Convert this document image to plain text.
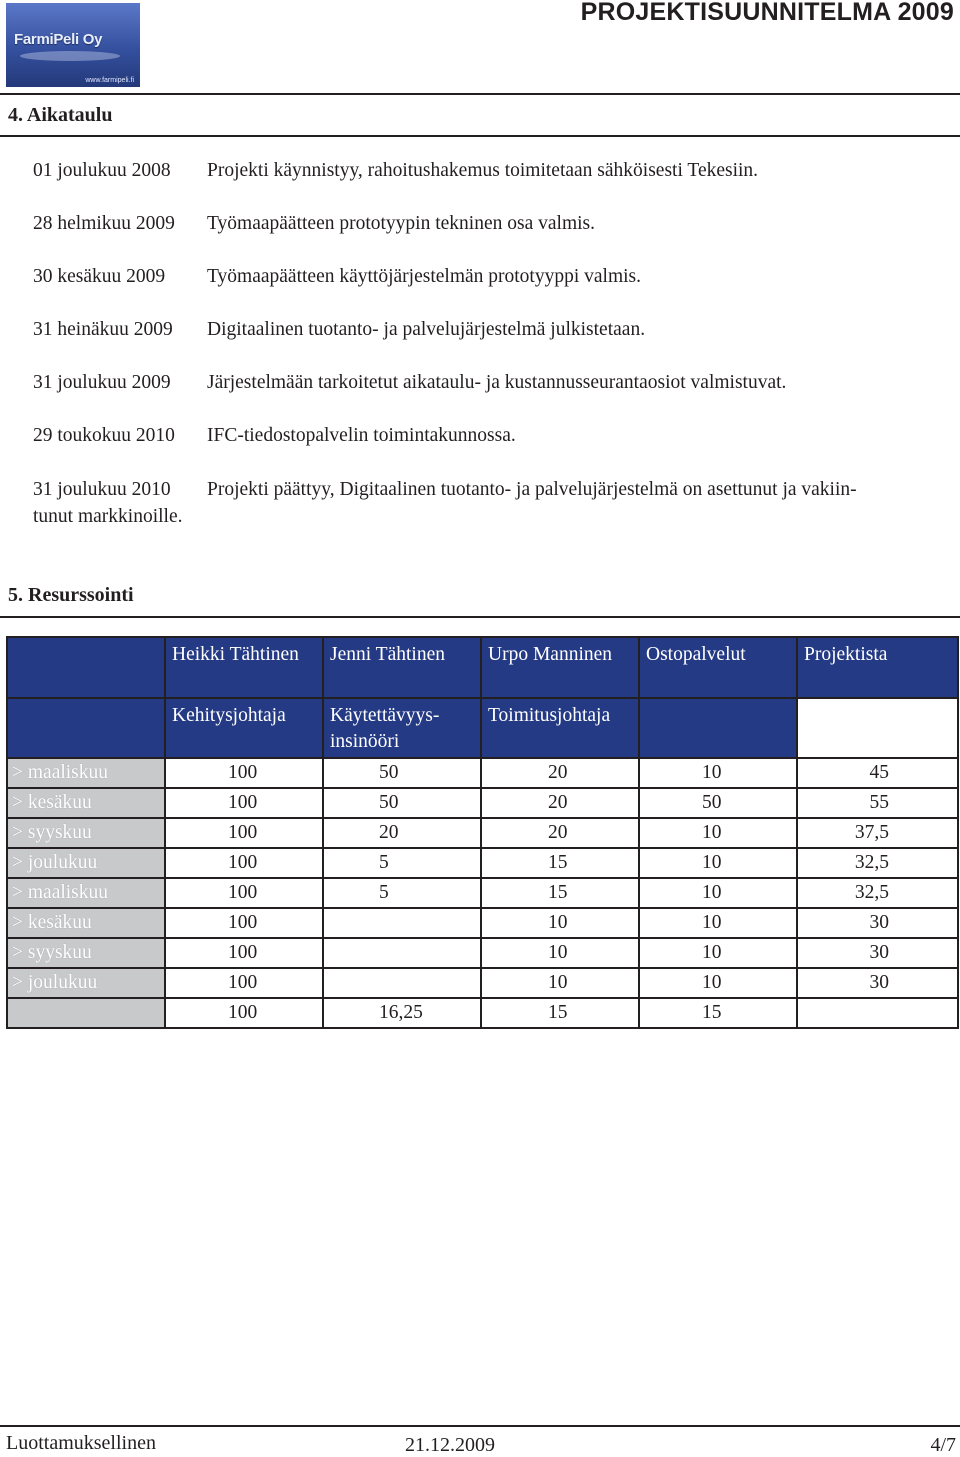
FarmiPeli Oy
www.farmipeli.fi
PROJEKTISUUNNITELMA 2009
4. Aikataulu
01 joulukuu 2008 Projekti käynnistyy, rahoitushakemus toimitetaan sähköisesti Tekesiin.
28 helmikuu 2009 Työmaapäätteen prototyypin tekninen osa valmis.
30 kesäkuu 2009 Työmaapäätteen käyttöjärjestelmän prototyyppi valmis.
31 heinäkuu 2009 Digitaalinen tuotanto- ja palvelujärjestelmä julkistetaan.
31 joulukuu 2009 Järjestelmään tarkoitetut aikataulu- ja kustannusseurantaosiot valmistuvat.
29 toukokuu 2010 IFC-tiedostopalvelin toimintakunnossa.
31 joulukuu 2010 Projekti päättyy, Digitaalinen tuotanto- ja palvelujärjestelmä on asettunut ja vakiin-
tunut markkinoille.
5. Resurssointi
	Heikki Tähtinen	Jenni Tähtinen	Urpo Manninen	Ostopalvelut	Projektista
	Kehitysjohtaja	Käytettävyys-insinööri	Toimitusjohtaja		
> maaliskuu	100	50	20	10	45
> kesäkuu	100	50	20	50	55
> syyskuu	100	20	20	10	37,5
> joulukuu	100	5	15	10	32,5
> maaliskuu	100	5	15	10	32,5
> kesäkuu	100		10	10	30
> syyskuu	100		10	10	30
> joulukuu	100		10	10	30
	100	16,25	15	15	
Luottamuksellinen	21.12.2009	4/7
